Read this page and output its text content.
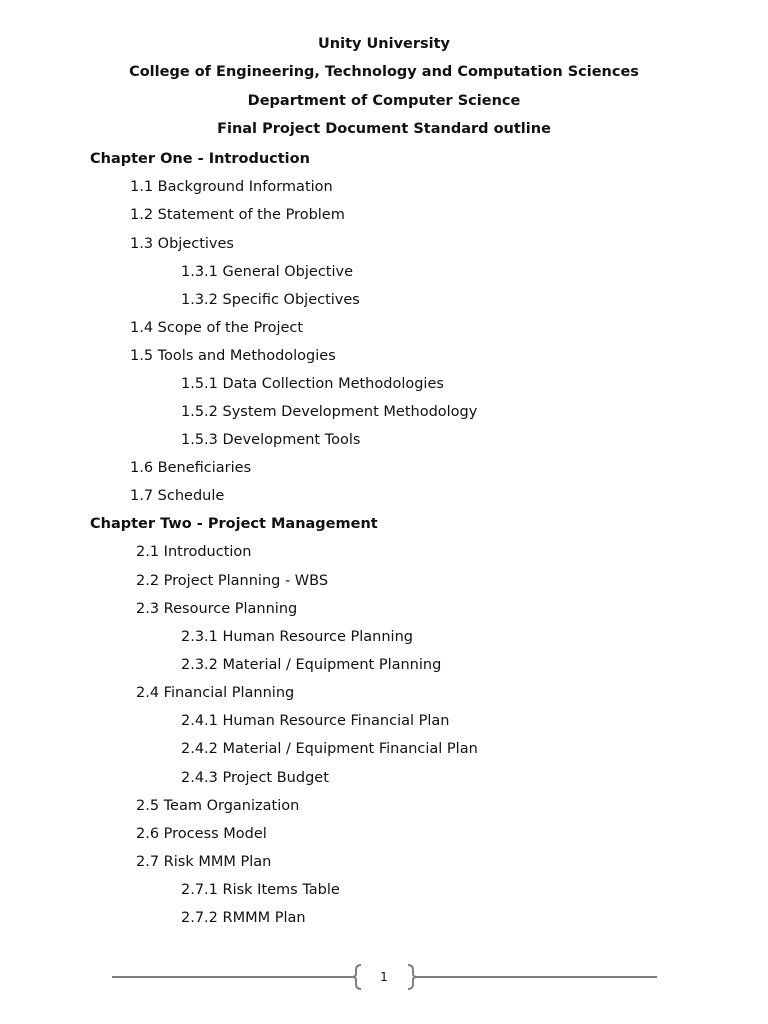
Unity University
College of Engineering, Technology and Computation Sciences
Department of Computer Science
Final Project Document Standard outline
Chapter One - Introduction
1.1 Background Information
1.2 Statement of the Problem
1.3 Objectives
1.3.1 General Objective
1.3.2 Specific Objectives
1.4 Scope of the Project
1.5 Tools and Methodologies
1.5.1 Data Collection Methodologies
1.5.2 System Development Methodology
1.5.3 Development Tools
1.6 Beneficiaries
1.7 Schedule
Chapter Two - Project Management
2.1 Introduction
2.2 Project Planning - WBS
2.3 Resource Planning
2.3.1 Human Resource Planning
2.3.2 Material / Equipment Planning
2.4 Financial Planning
2.4.1 Human Resource Financial Plan
2.4.2 Material / Equipment Financial Plan
2.4.3 Project Budget
2.5 Team Organization
2.6 Process Model
2.7 Risk MMM Plan
2.7.1 Risk Items Table
2.7.2 RMMM Plan
1
